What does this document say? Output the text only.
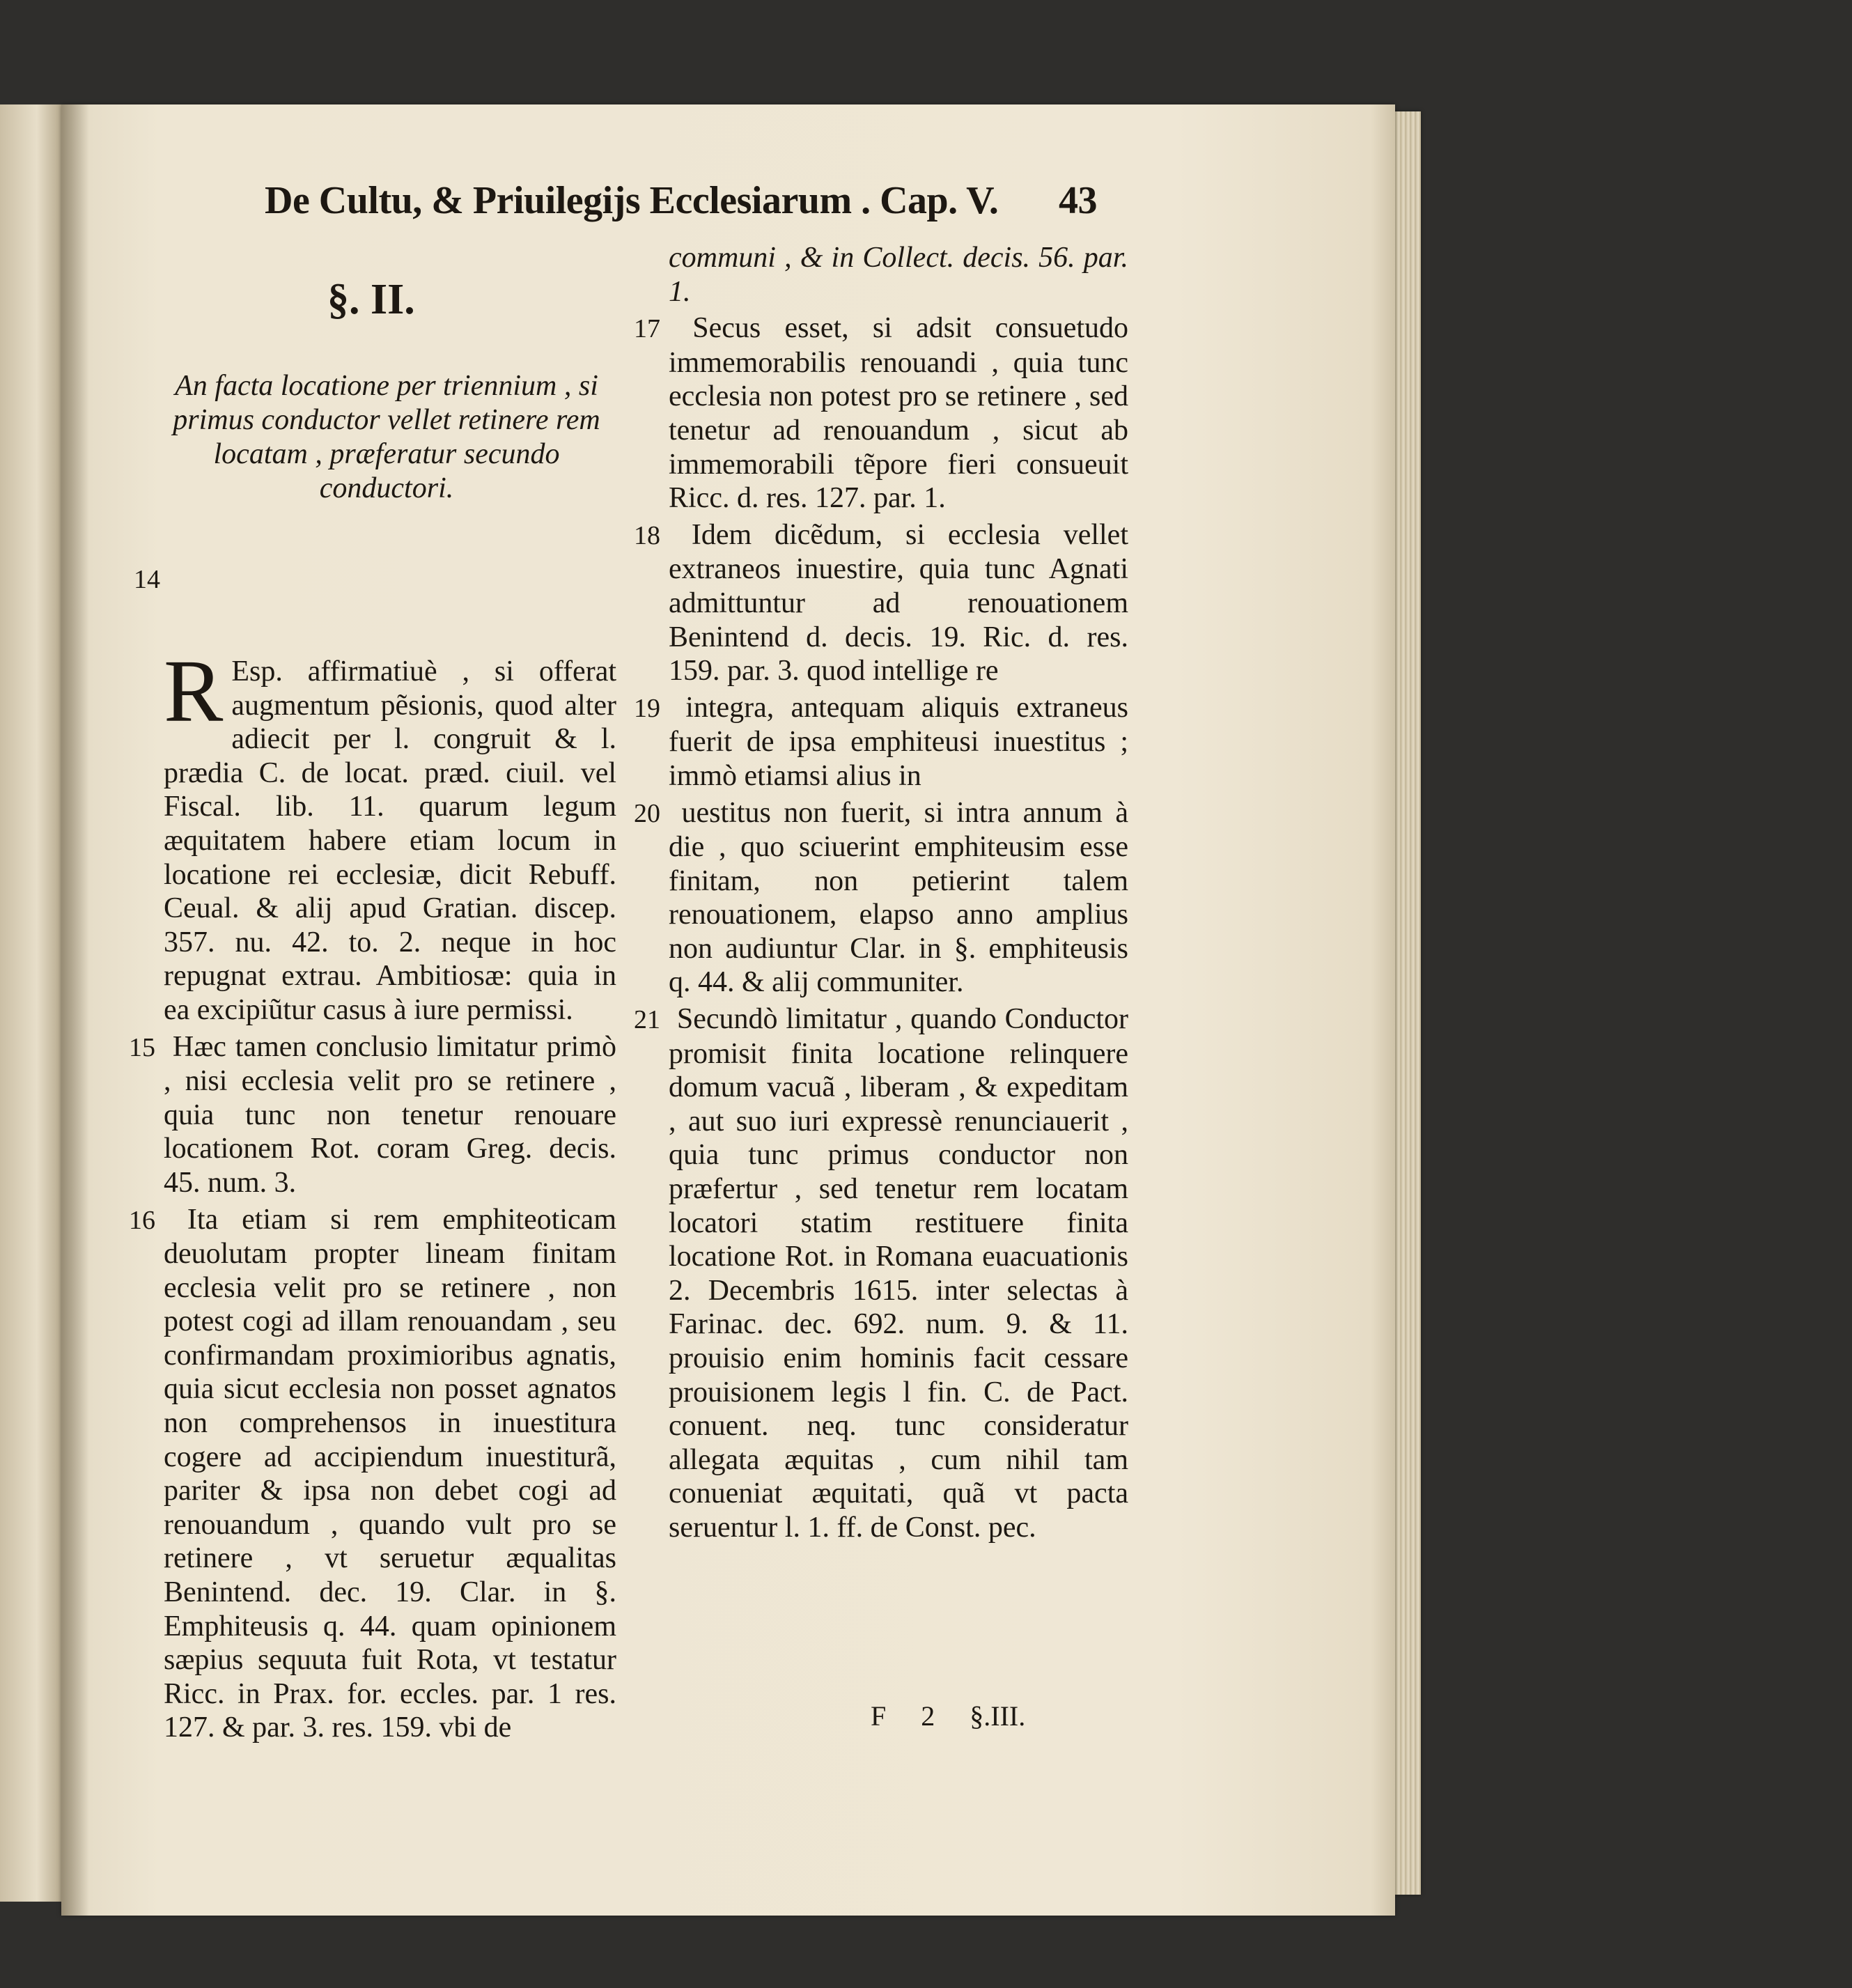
De Cultu, & Priuilegijs Ecclesiarum . Cap. V. 43
§. II.
An facta locatione per triennium , si primus conductor vellet retinere rem locatam , præferatur secundo conductori.
14

R Esp. affirmatiuè , si offerat augmentum pẽsionis, quod alter adiecit per l. congruit & l. prædia C. de locat. præd. ciuil. vel Fiscal. lib. 11. quarum legum æquitatem habere etiam locum in locatione rei ecclesiæ, dicit Rebuff. Ceual. & alij apud Gratian. discep. 357. nu. 42. to. 2. neque in hoc repugnat extrau. Ambitiosæ: quia in ea excipiũtur casus à iure permissi.

15 Hæc tamen conclusio limitatur primò , nisi ecclesia velit pro se retinere , quia tunc non tenetur renouare locationem Rot. coram Greg. decis. 45. num. 3.

16 Ita etiam si rem emphiteoticam deuolutam propter lineam finitam ecclesia velit pro se retinere , non potest cogi ad illam renouandam , seu confirmandam proximioribus agnatis, quia sicut ecclesia non posset agnatos non comprehensos in inuestitura cogere ad accipiendum inuestiturã, pariter & ipsa non debet cogi ad renouandum , quando vult pro se retinere , vt seruetur æqualitas Benintend. dec. 19. Clar. in §. Emphiteusis q. 44. quam opinionem sæpius sequuta fuit Rota, vt testatur Ricc. in Prax. for. eccles. par. 1 res. 127. & par. 3. res. 159. vbi de

communi , & in Collect. decis. 56. par. 1.

17 Secus esset, si adsit consuetudo immemorabilis renouandi , quia tunc ecclesia non potest pro se retinere , sed tenetur ad renouandum , sicut ab immemorabili tẽpore fieri consueuit Ricc. d. res. 127. par. 1.

18 Idem dicẽdum, si ecclesia vellet extraneos inuestire, quia tunc Agnati admittuntur ad renouationem Benintend d. decis. 19. Ric. d. res. 159. par. 3. quod intellige re

19 integra, antequam aliquis extraneus fuerit de ipsa emphiteusi inuestitus ; immò etiamsi alius in

20 uestitus non fuerit, si intra annum à die , quo sciuerint emphiteusim esse finitam, non petierint talem renouationem, elapso anno amplius non audiuntur Clar. in §. emphiteusis q. 44. & alij communiter.

21 Secundò limitatur , quando Conductor promisit finita locatione relinquere domum vacuã , liberam , & expeditam , aut suo iuri expressè renunciauerit , quia tunc primus conductor non præfertur , sed tenetur rem locatam locatori statim restituere finita locatione Rot. in Romana euacuationis 2. Decembris 1615. inter selectas à Farinac. dec. 692. num. 9. & 11. prouisio enim hominis facit cessare prouisionem legis l fin. C. de Pact. conuent. neq. tunc consideratur allegata æquitas , cum nihil tam conueniat æquitati, quã vt pacta seruentur l. 1. ff. de Const. pec.

F 2 §.III.
